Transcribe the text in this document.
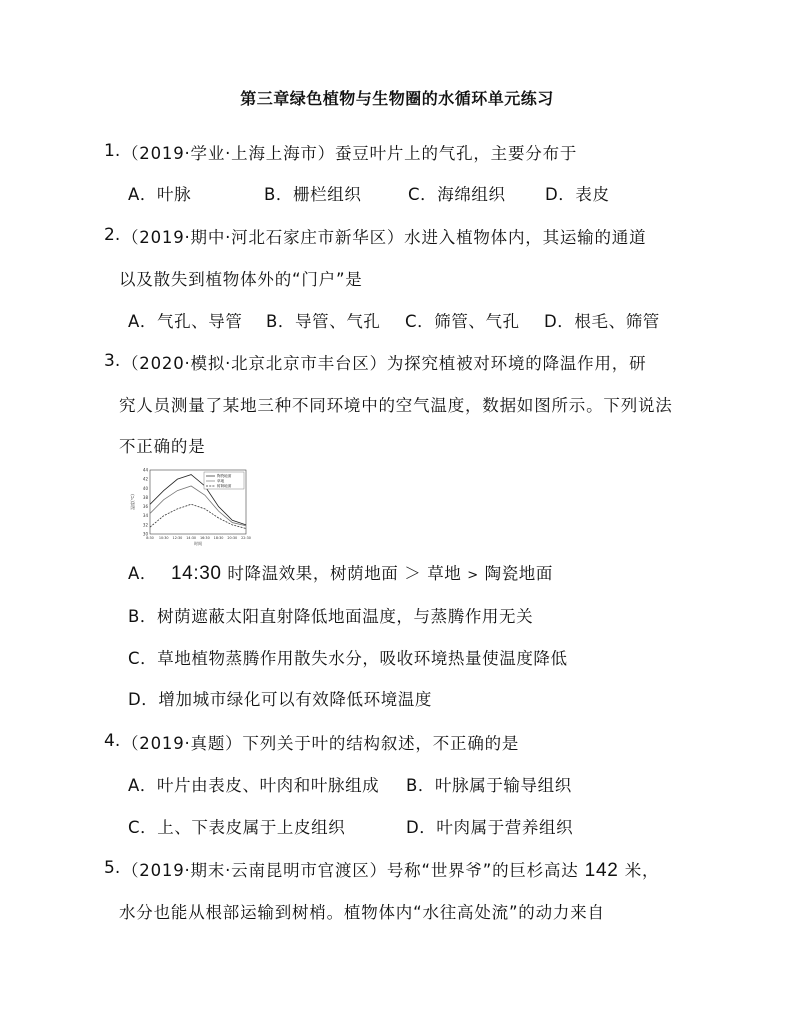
第三章绿色植物与生物圈的水循环单元练习
1. （2019·学业·上海上海市）蚕豆叶片上的气孔，主要分布于
A．叶脉	B．栅栏组织	C．海绵组织 D．表皮
2. （2019·期中·河北石家庄市新华区）水进入植物体内，其运输的通道
以及散失到植物体外的“门户”是
A．气孔、导管 B．导管、气孔 C．筛管、气孔 D．根毛、筛管
3. （2020·模拟·北京北京市丰台区）为探究植被对环境的降温作用，研
究人员测量了某地三种不同环境中的空气温度，数据如图所示。下列说法
不正确的是
30
32
34
36
38
40
42
44
8:30 10:30 12:30 14:30 16:30 18:30 20:30 22:30
时间
温度(℃)
陶瓷地面
草地
树荫地面
A． 14:30 时降温效果，树荫地面 ＞ 草地 > 陶瓷地面
B．树荫遮蔽太阳直射降低地面温度，与蒸腾作用无关
C．草地植物蒸腾作用散失水分，吸收环境热量使温度降低
D．增加城市绿化可以有效降低环境温度
4. （2019·真题）下列关于叶的结构叙述，不正确的是
A．叶片由表皮、叶肉和叶脉组成 B．叶脉属于输导组织
C．上、下表皮属于上皮组织	D．叶肉属于营养组织
5. （2019·期末·云南昆明市官渡区）号称“世界爷”的巨杉高达 142 米，
水分也能从根部运输到树梢。植物体内“水往高处流”的动力来自
